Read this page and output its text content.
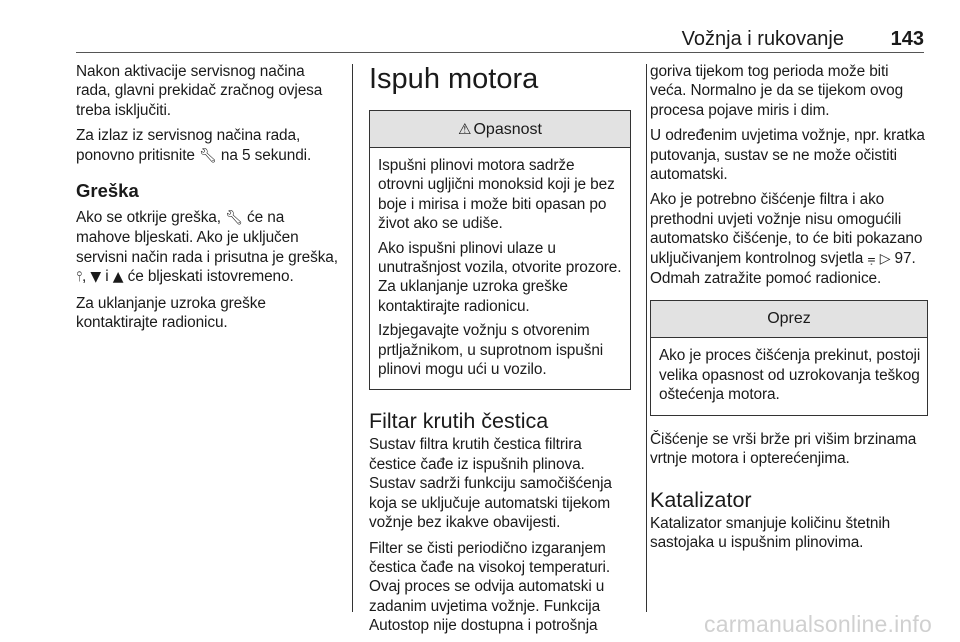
Vožnja i rukovanje 143

Nakon aktivacije servisnog načina rada, glavni prekidač zračnog ovjesa treba isključiti.

Za izlaz iz servisnog načina rada, ponovno pritisnite 🔧︎ na 5 sekundi.

Greška

Ako se otkrije greška, 🔧︎ će na mahove bljeskati. Ako je uključen servisni način rada i prisutna je greška, ⫯, ▼ i ▲ će bljeskati istovremeno.

Za uklanjanje uzroka greške kontaktirajte radionicu.

Ispuh motora
⚠︎ Opasnost

Ispušni plinovi motora sadrže otrovni ugljični monoksid koji je bez boje i mirisa i može biti opasan po život ako se udiše.

Ako ispušni plinovi ulaze u unutrašnjost vozila, otvorite prozore. Za uklanjanje uzroka greške kontaktirajte radionicu.

Izbjegavajte vožnju s otvorenim prtljažnikom, u suprotnom ispušni plinovi mogu ući u vozilo.

Filtar krutih čestica

Sustav filtra krutih čestica filtrira čestice čađe iz ispušnih plinova. Sustav sadrži funkciju samočišćenja koja se uključuje automatski tijekom vožnje bez ikakve obavijesti.

Filter se čisti periodično izgaranjem čestica čađe na visokoj temperaturi. Ovaj proces se odvija automatski u zadanim uvjetima vožnje. Funkcija Autostop nije dostupna i potrošnja

goriva tijekom tog perioda može biti veća. Normalno je da se tijekom ovog procesa pojave miris i dim.

U određenim uvjetima vožnje, npr. kratka putovanja, sustav se ne može očistiti automatski.

Ako je potrebno čišćenje filtra i ako prethodni uvjeti vožnje nisu omogućili automatsko čišćenje, to će biti pokazano uključivanjem kontrolnog svjetla ⩦ ▷ 97. Odmah zatražite pomoć radionice.

Oprez

Ako je proces čišćenja prekinut, postoji velika opasnost od uzrokovanja teškog oštećenja motora.

Čišćenje se vrši brže pri višim brzinama vrtnje motora i opterećenjima.

Katalizator

Katalizator smanjuje količinu štetnih sastojaka u ispušnim plinovima.

carmanualsonline.info
